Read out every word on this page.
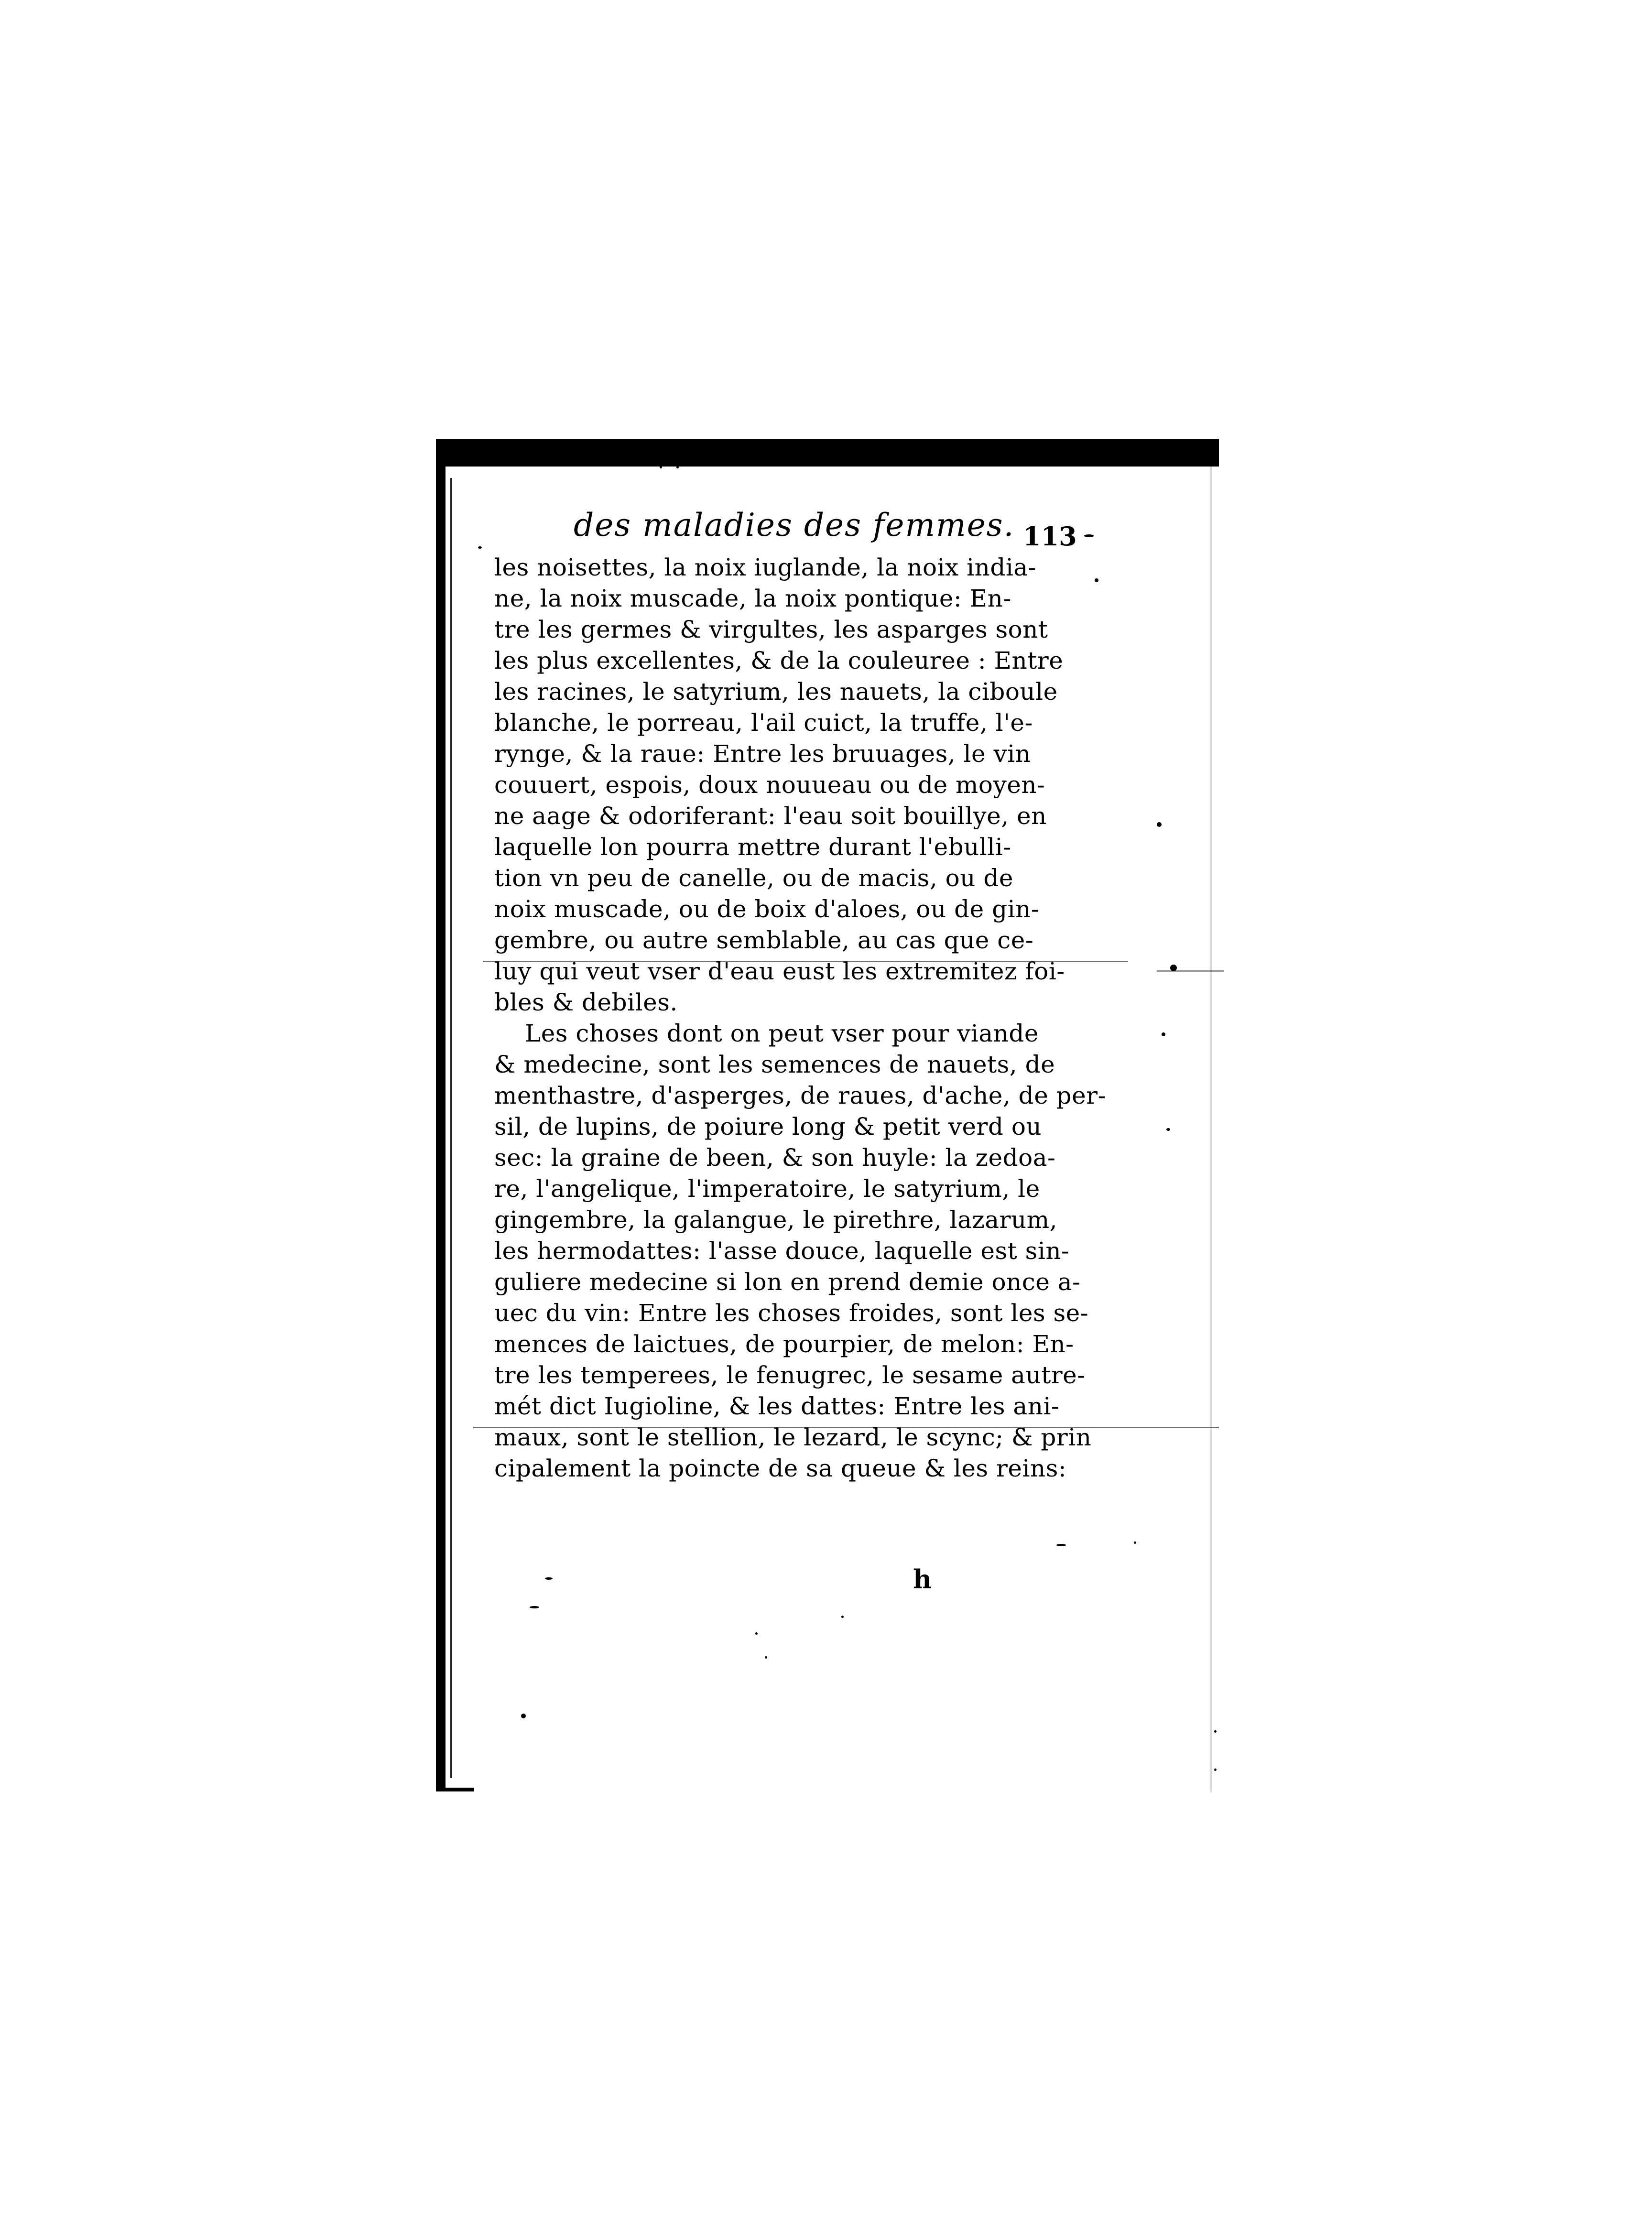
des maladies des femmes. 113
les noisettes, la noix iuglande, la noix india-
ne, la noix muscade, la noix pontique: En-
tre les germes & virgultes, les asparges sont
les plus excellentes, & de la couleuree : Entre
les racines, le satyrium, les nauets, la ciboule
blanche, le porreau, l'ail cuict, la truffe, l'e-
rynge, & la raue: Entre les bruuages, le vin
couuert, espois, doux nouueau ou de moyen-
ne aage & odoriferant: l'eau soit bouillye, en
laquelle lon pourra mettre durant l'ebulli-
tion vn peu de canelle, ou de macis, ou de
noix muscade, ou de boix d'aloes, ou de gin-
gembre, ou autre semblable, au cas que ce-
luy qui veut vser d'eau eust les extremitez foi-
bles & debiles.
Les choses dont on peut vser pour viande
& medecine, sont les semences de nauets, de
menthastre, d'asperges, de raues, d'ache, de per-
sil, de lupins, de poiure long & petit verd ou
sec: la graine de been, & son huyle: la zedoa-
re, l'angelique, l'imperatoire, le satyrium, le
gingembre, la galangue, le pirethre, lazarum,
les hermodattes: l'asse douce, laquelle est sin-
guliere medecine si lon en prend demie once a-
uec du vin: Entre les choses froides, sont les se-
mences de laictues, de pourpier, de melon: En-
tre les temperees, le fenugrec, le sesame autre-
mét dict Iugioline, & les dattes: Entre les ani-
maux, sont le stellion, le lezard, le scync; & prin
cipalement la poincte de sa queue & les reins:
h
